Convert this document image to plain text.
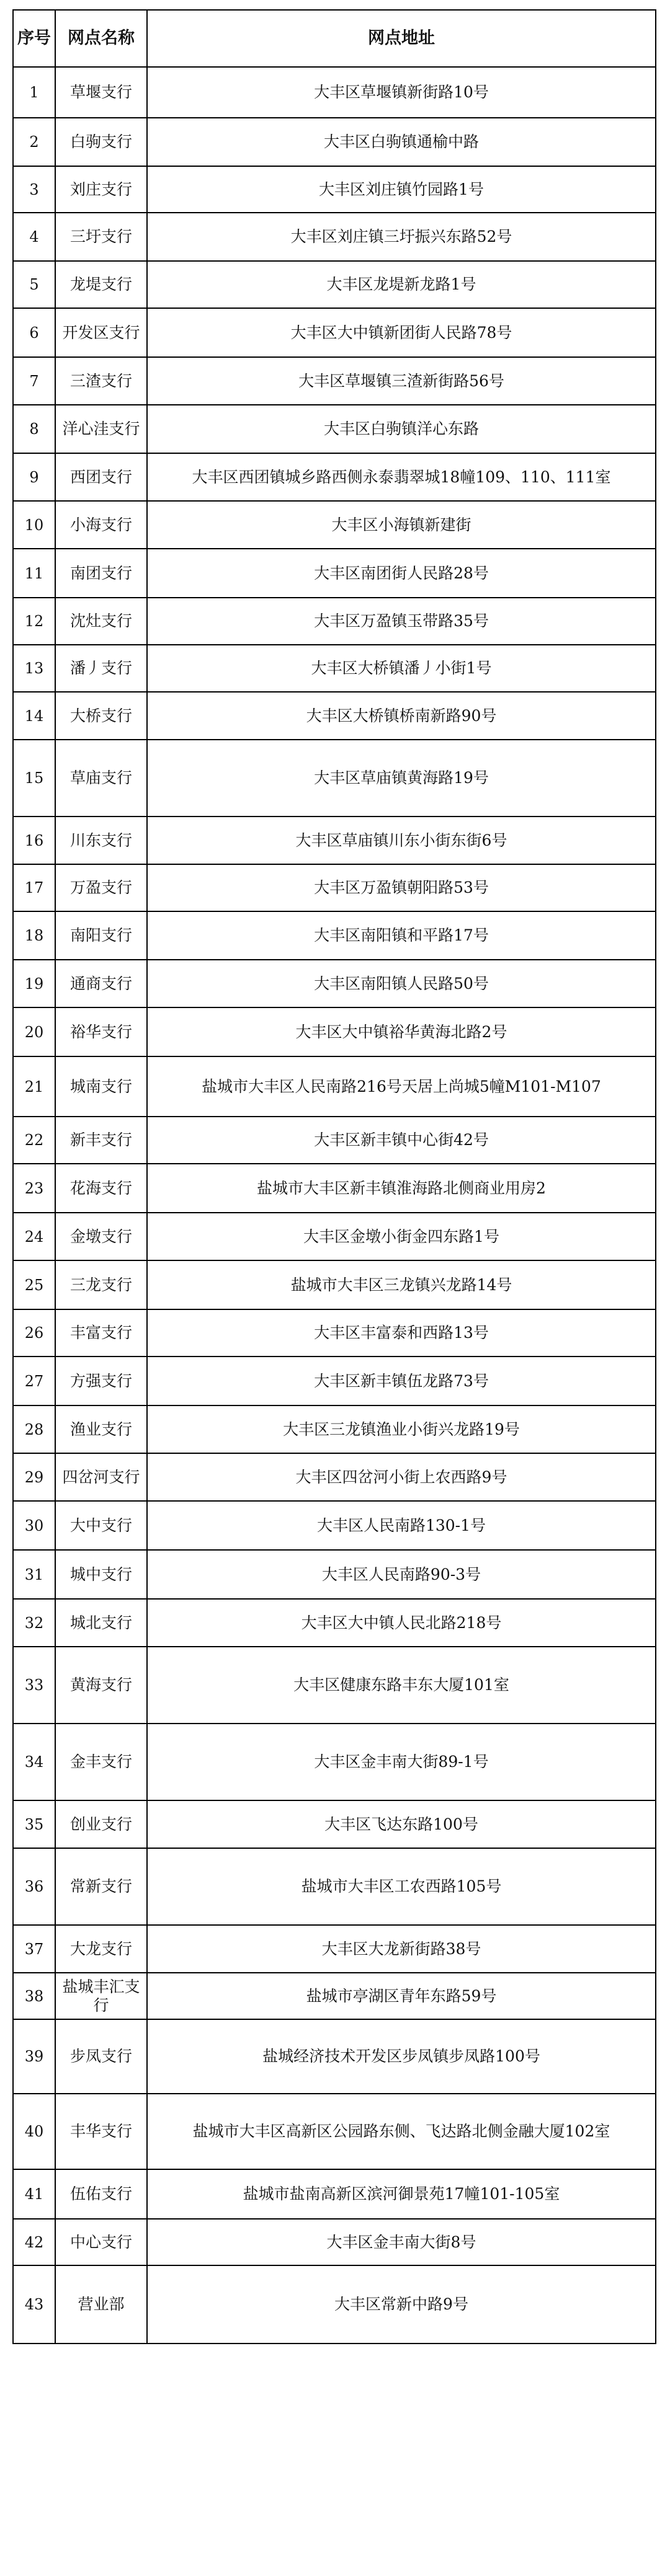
序号	网点名称	网点地址
1	草堰支行	大丰区草堰镇新街路10号
2	白驹支行	大丰区白驹镇通榆中路
3	刘庄支行	大丰区刘庄镇竹园路1号
4	三圩支行	大丰区刘庄镇三圩振兴东路52号
5	龙堤支行	大丰区龙堤新龙路1号
6	开发区支行	大丰区大中镇新团街人民路78号
7	三渣支行	大丰区草堰镇三渣新街路56号
8	洋心洼支行	大丰区白驹镇洋心东路
9	西团支行	大丰区西团镇城乡路西侧永泰翡翠城18幢109、110、111室
10	小海支行	大丰区小海镇新建街
11	南团支行	大丰区南团街人民路28号
12	沈灶支行	大丰区万盈镇玉带路35号
13	潘丿支行	大丰区大桥镇潘丿小街1号
14	大桥支行	大丰区大桥镇桥南新路90号
15	草庙支行	大丰区草庙镇黄海路19号
16	川东支行	大丰区草庙镇川东小街东街6号
17	万盈支行	大丰区万盈镇朝阳路53号
18	南阳支行	大丰区南阳镇和平路17号
19	通商支行	大丰区南阳镇人民路50号
20	裕华支行	大丰区大中镇裕华黄海北路2号
21	城南支行	盐城市大丰区人民南路216号天居上尚城5幢M101-M107
22	新丰支行	大丰区新丰镇中心街42号
23	花海支行	盐城市大丰区新丰镇淮海路北侧商业用房2
24	金墩支行	大丰区金墩小街金四东路1号
25	三龙支行	盐城市大丰区三龙镇兴龙路14号
26	丰富支行	大丰区丰富泰和西路13号
27	方强支行	大丰区新丰镇伍龙路73号
28	渔业支行	大丰区三龙镇渔业小街兴龙路19号
29	四岔河支行	大丰区四岔河小街上农西路9号
30	大中支行	大丰区人民南路130-1号
31	城中支行	大丰区人民南路90-3号
32	城北支行	大丰区大中镇人民北路218号
33	黄海支行	大丰区健康东路丰东大厦101室
34	金丰支行	大丰区金丰南大街89-1号
35	创业支行	大丰区飞达东路100号
36	常新支行	盐城市大丰区工农西路105号
37	大龙支行	大丰区大龙新街路38号
38	盐城丰汇支行	盐城市亭湖区青年东路59号
39	步凤支行	盐城经济技术开发区步凤镇步凤路100号
40	丰华支行	盐城市大丰区高新区公园路东侧、飞达路北侧金融大厦102室
41	伍佑支行	盐城市盐南高新区滨河御景苑17幢101-105室
42	中心支行	大丰区金丰南大街8号
43	营业部	大丰区常新中路9号
